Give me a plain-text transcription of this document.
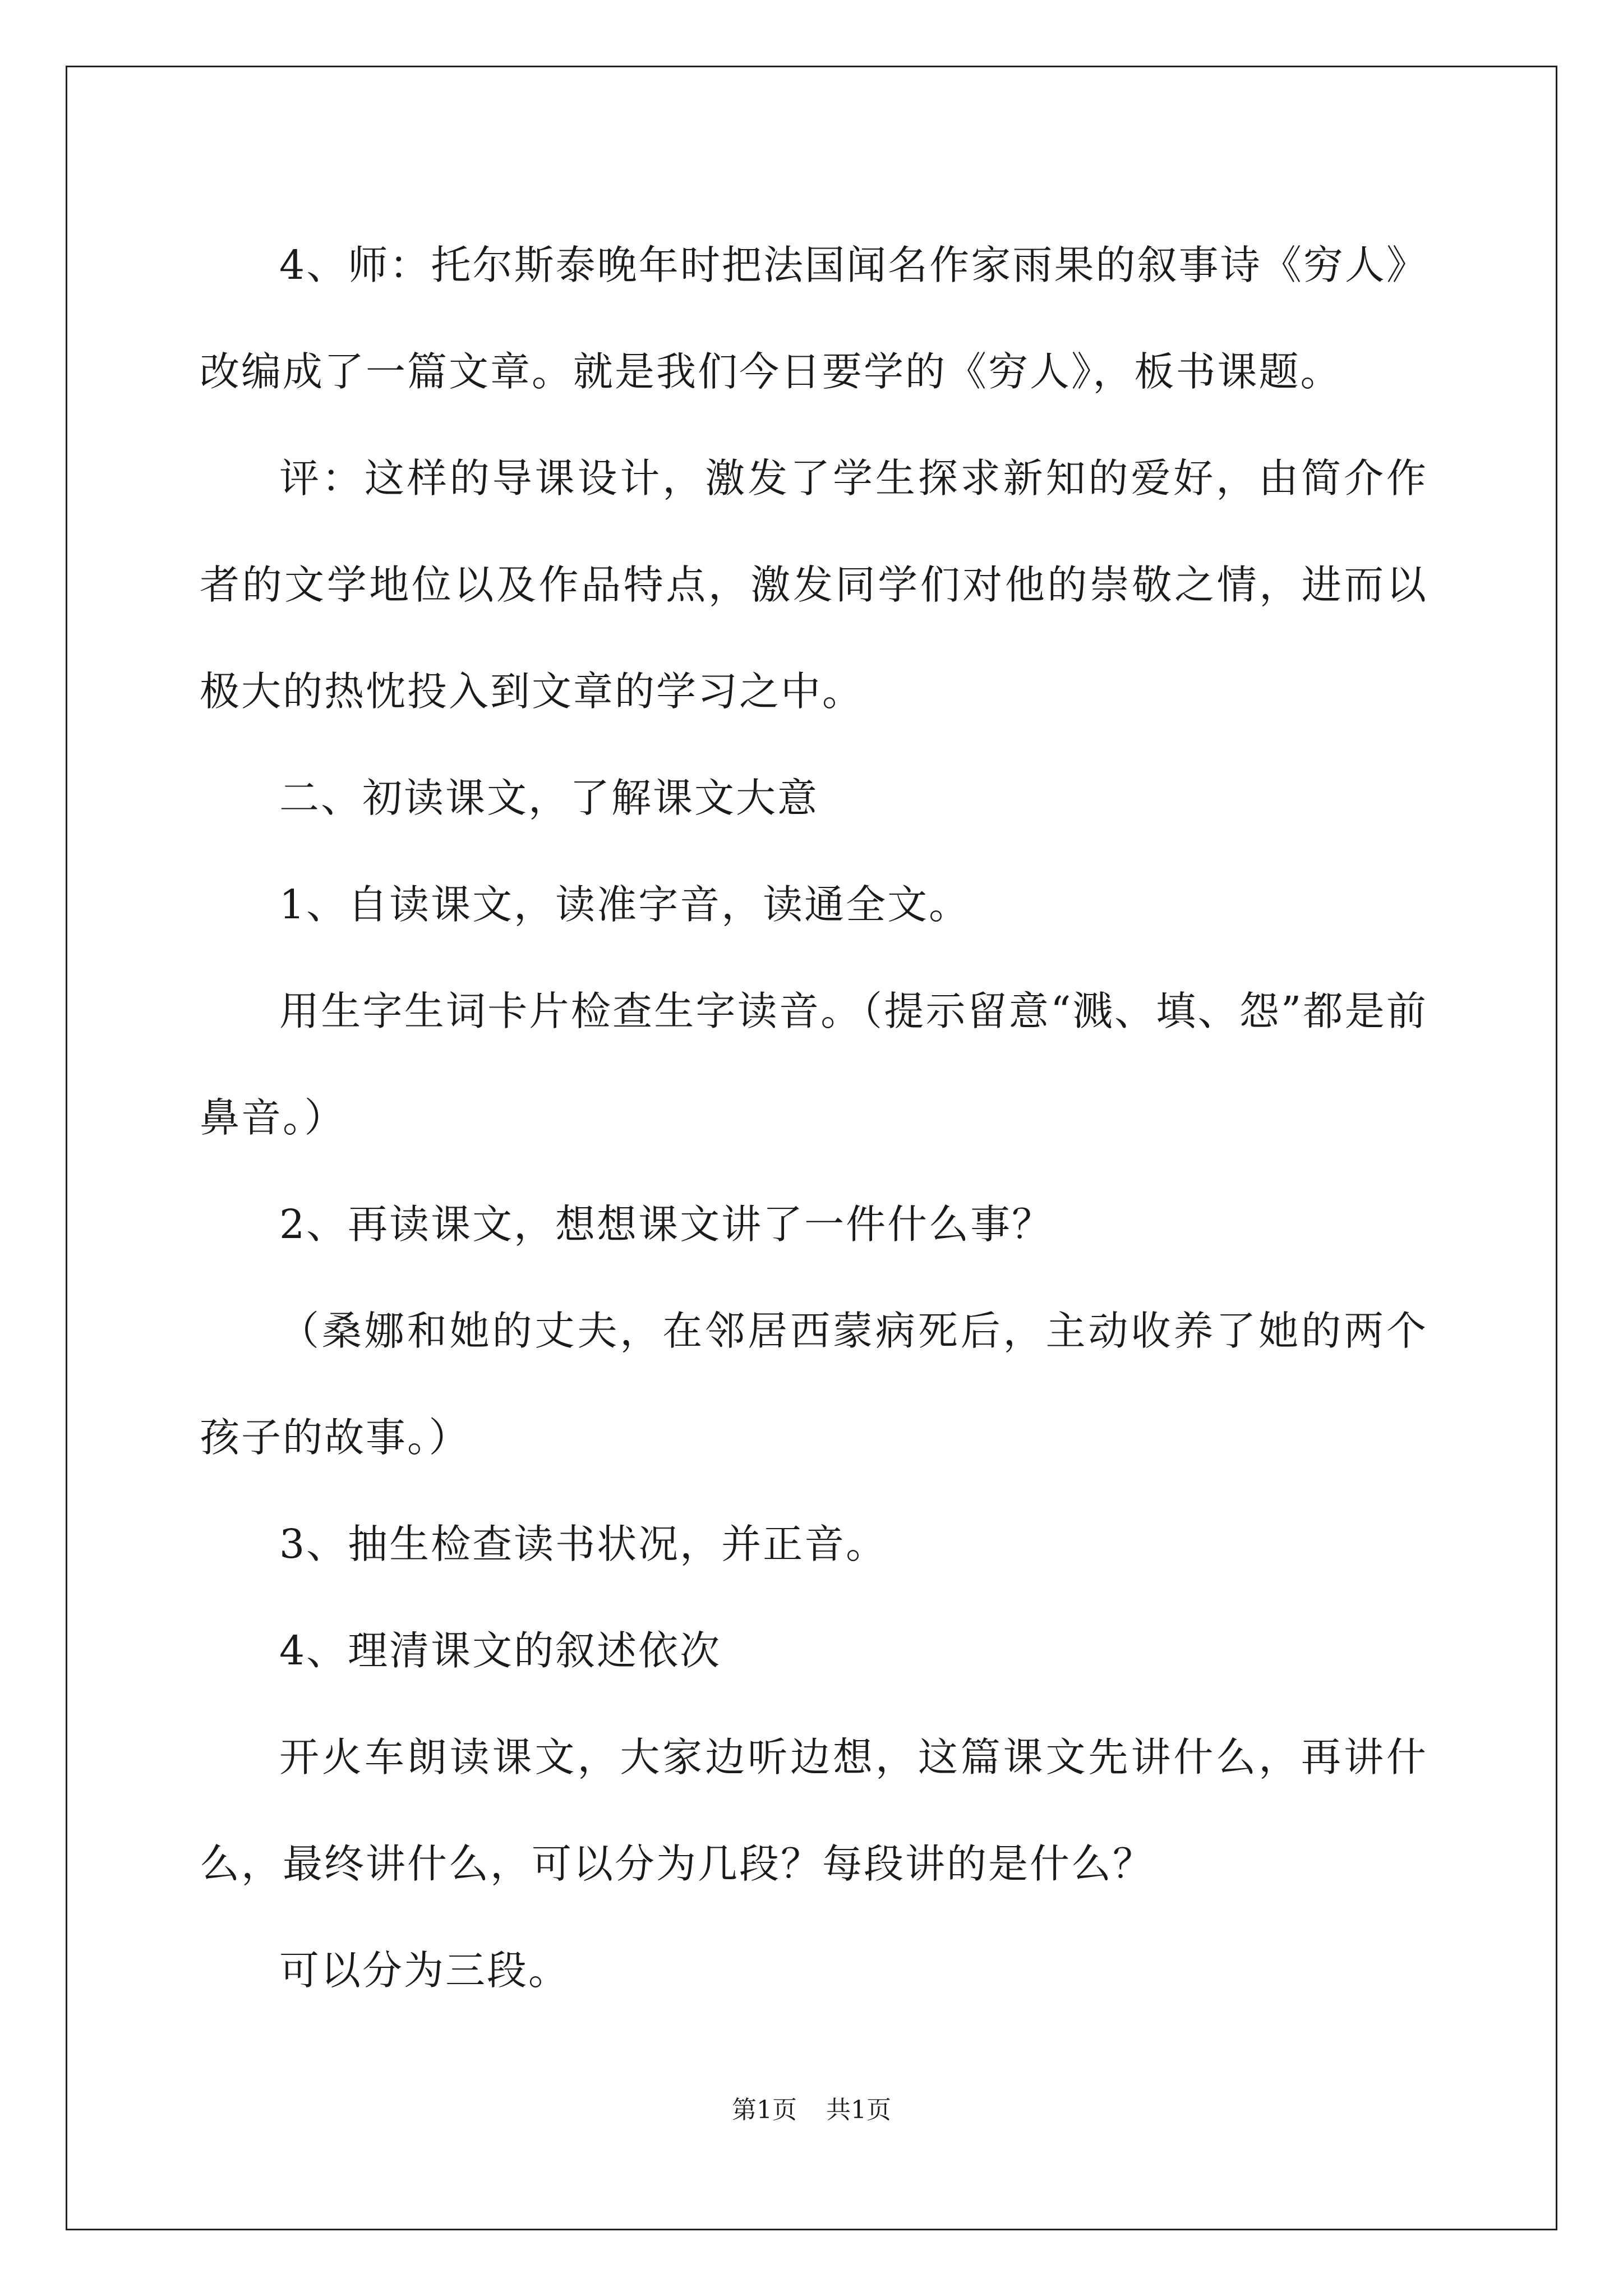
4、师：托尔斯泰晚年时把法国闻名作家雨果的叙事诗《穷人》改编成了一篇文章。就是我们今日要学的《穷人》，板书课题。

评：这样的导课设计，激发了学生探求新知的爱好，由简介作者的文学地位以及作品特点，激发同学们对他的崇敬之情，进而以极大的热忱投入到文章的学习之中。

二、初读课文，了解课文大意

1、自读课文，读准字音，读通全文。

用生字生词卡片检查生字读音。（提示留意“溅、填、怨”都是前鼻音。）

2、再读课文，想想课文讲了一件什么事？

（桑娜和她的丈夫，在邻居西蒙病死后，主动收养了她的两个孩子的故事。）

3、抽生检查读书状况，并正音。

4、理清课文的叙述依次

开火车朗读课文，大家边听边想，这篇课文先讲什么，再讲什么，最终讲什么，可以分为几段？每段讲的是什么？

可以分为三段。

第1页 共1页
